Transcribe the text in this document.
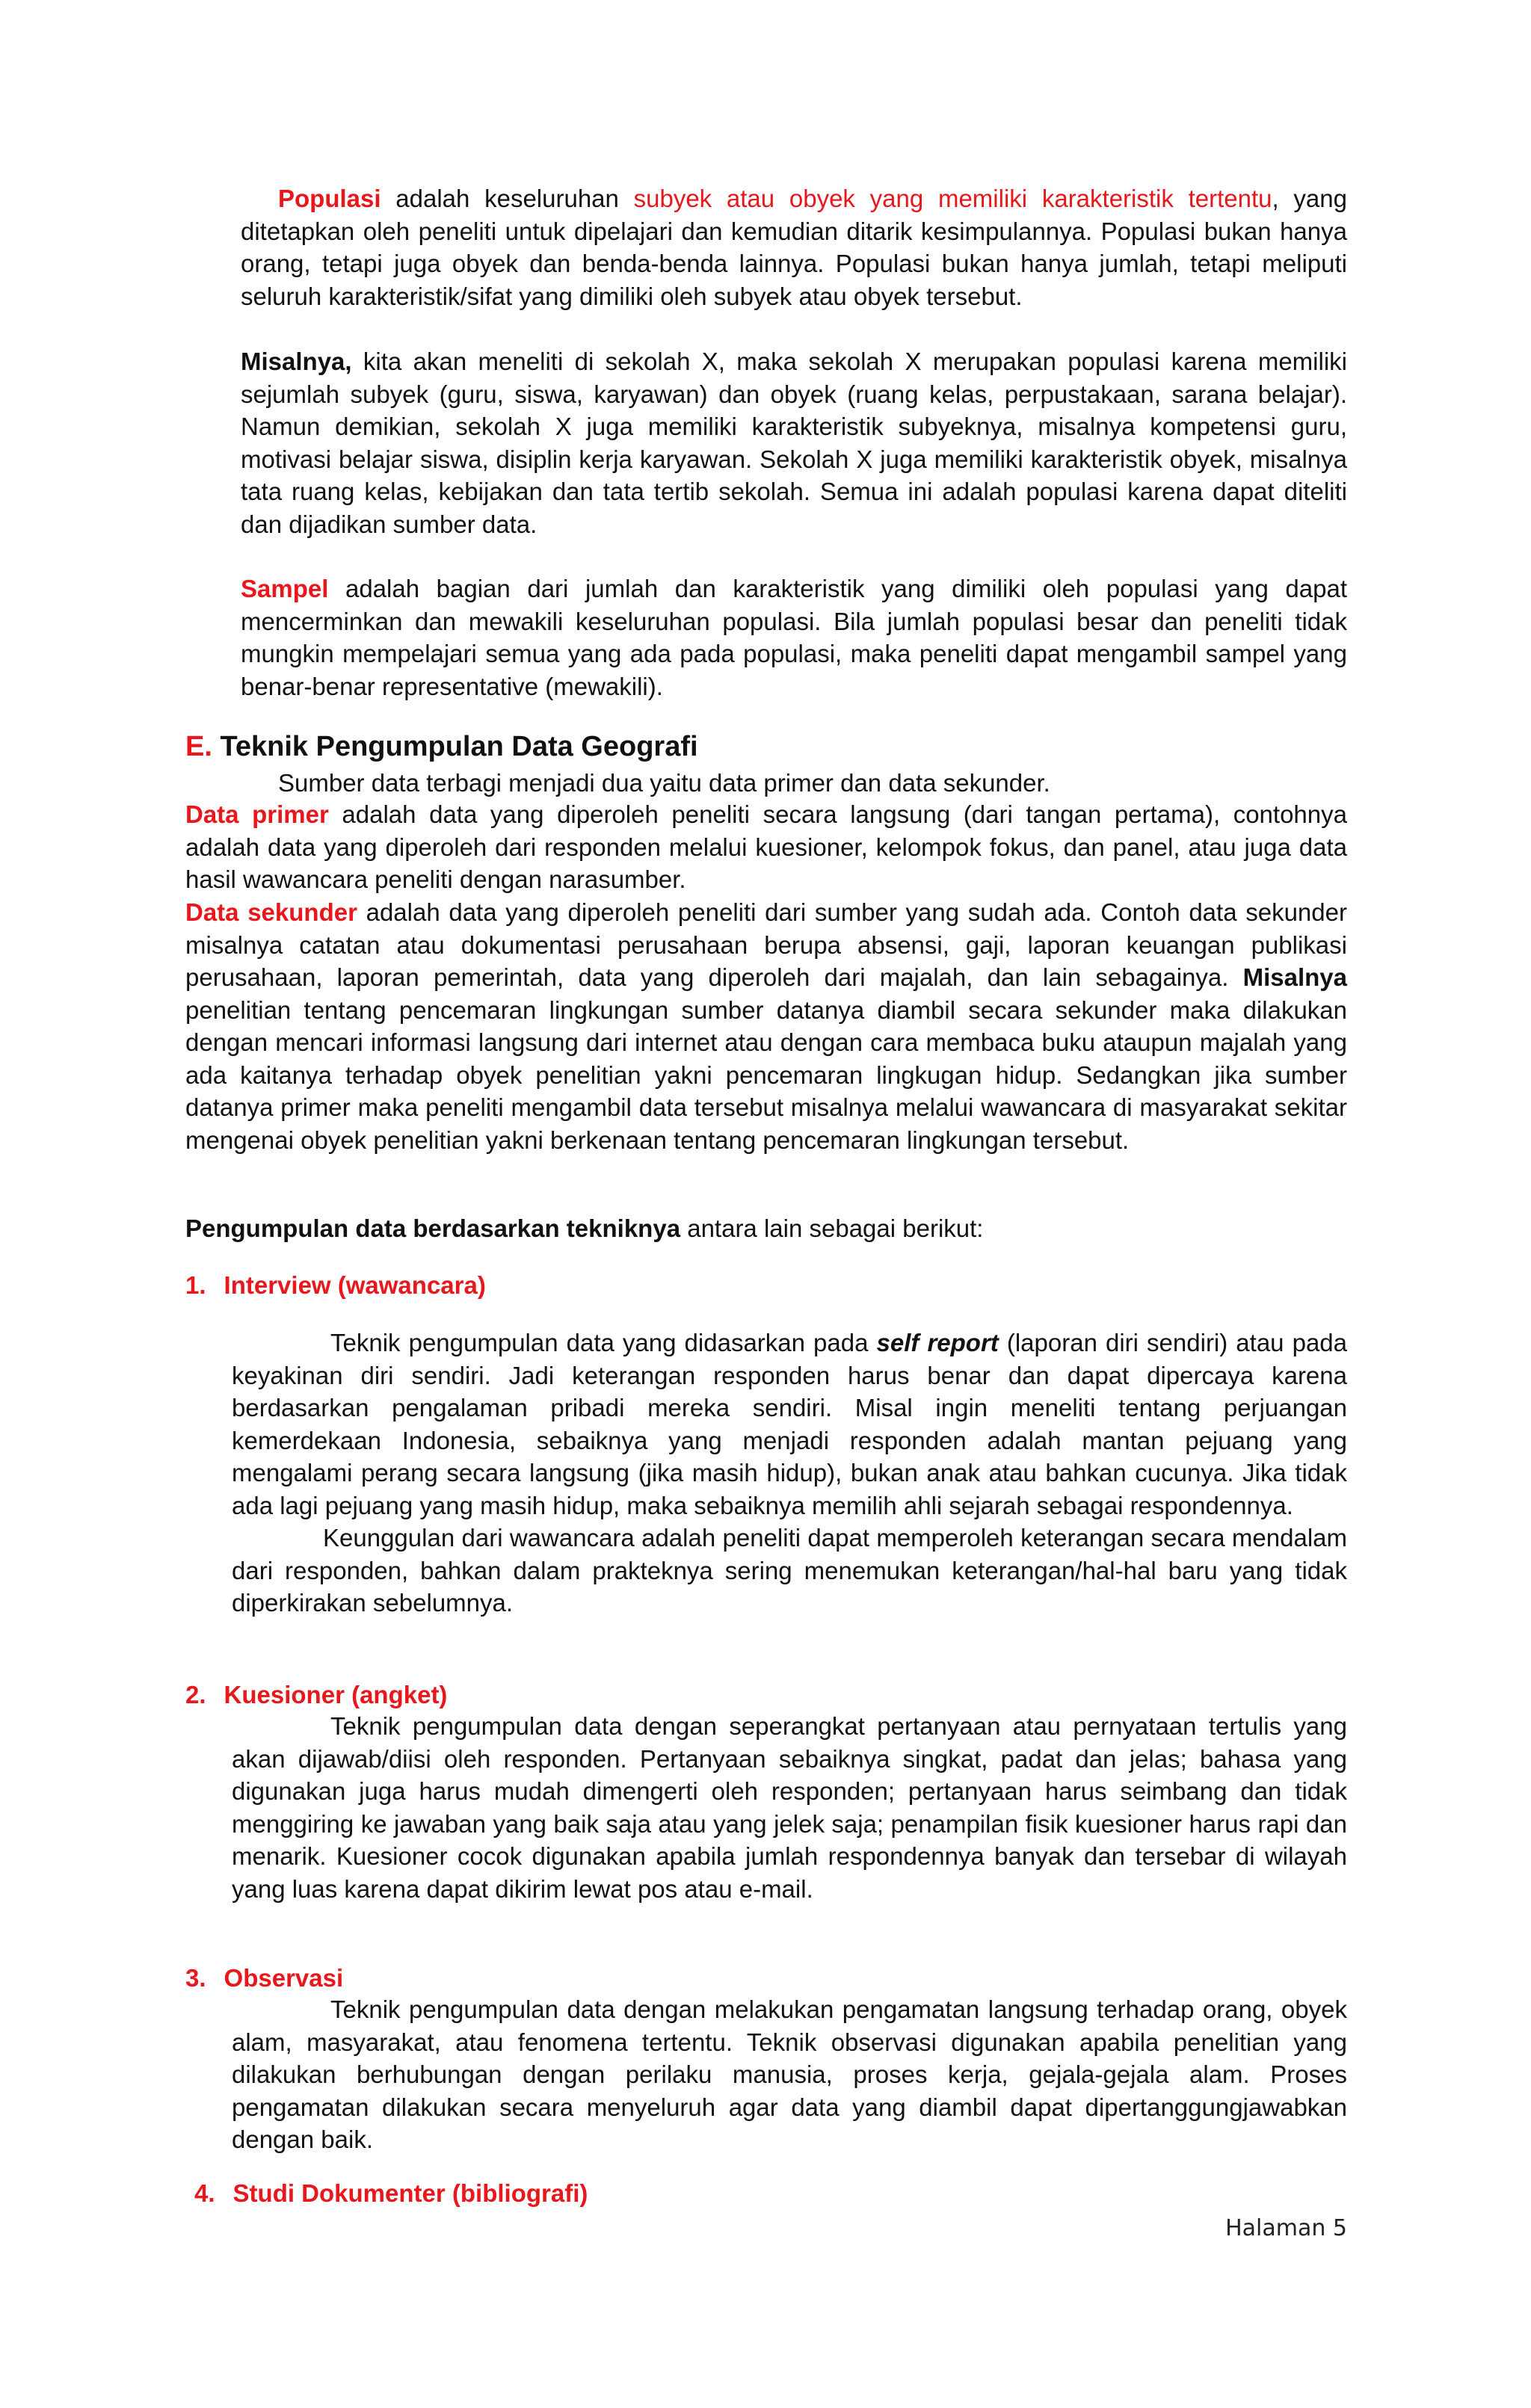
Populasi adalah keseluruhan subyek atau obyek yang memiliki karakteristik tertentu, yang ditetapkan oleh peneliti untuk dipelajari dan kemudian ditarik kesimpulannya. Populasi bukan hanya orang, tetapi juga obyek dan benda-benda lainnya. Populasi bukan hanya jumlah, tetapi meliputi seluruh karakteristik/sifat yang dimiliki oleh subyek atau obyek tersebut.

Misalnya, kita akan meneliti di sekolah X, maka sekolah X merupakan populasi karena memiliki sejumlah subyek (guru, siswa, karyawan) dan obyek (ruang kelas, perpustakaan, sarana belajar). Namun demikian, sekolah X juga memiliki karakteristik subyeknya, misalnya kompetensi guru, motivasi belajar siswa, disiplin kerja karyawan. Sekolah X juga memiliki karakteristik obyek, misalnya tata ruang kelas, kebijakan dan tata tertib sekolah. Semua ini adalah populasi karena dapat diteliti dan dijadikan sumber data.

Sampel adalah bagian dari jumlah dan karakteristik yang dimiliki oleh populasi yang dapat mencerminkan dan mewakili keseluruhan populasi. Bila jumlah populasi besar dan peneliti tidak mungkin mempelajari semua yang ada pada populasi, maka peneliti dapat mengambil sampel yang benar-benar representative (mewakili).

E. Teknik Pengumpulan Data Geografi

Sumber data terbagi menjadi dua yaitu data primer dan data sekunder.

Data primer adalah data yang diperoleh peneliti secara langsung (dari tangan pertama), contohnya adalah data yang diperoleh dari responden melalui kuesioner, kelompok fokus, dan panel, atau juga data hasil wawancara peneliti dengan narasumber.

Data sekunder adalah data yang diperoleh peneliti dari sumber yang sudah ada. Contoh data sekunder misalnya catatan atau dokumentasi perusahaan berupa absensi, gaji, laporan keuangan publikasi perusahaan, laporan pemerintah, data yang diperoleh dari majalah, dan lain sebagainya. Misalnya penelitian tentang pencemaran lingkungan sumber datanya diambil secara sekunder maka dilakukan dengan mencari informasi langsung dari internet atau dengan cara membaca buku ataupun majalah yang ada kaitanya terhadap obyek penelitian yakni pencemaran lingkugan hidup. Sedangkan jika sumber datanya primer maka peneliti mengambil data tersebut misalnya melalui wawancara di masyarakat sekitar mengenai obyek penelitian yakni berkenaan tentang pencemaran lingkungan tersebut.

Pengumpulan data berdasarkan tekniknya antara lain sebagai berikut:

1. Interview (wawancara)

Teknik pengumpulan data yang didasarkan pada self report (laporan diri sendiri) atau pada keyakinan diri sendiri. Jadi keterangan responden harus benar dan dapat dipercaya karena berdasarkan pengalaman pribadi mereka sendiri. Misal ingin meneliti tentang perjuangan kemerdekaan Indonesia, sebaiknya yang menjadi responden adalah mantan pejuang yang mengalami perang secara langsung (jika masih hidup), bukan anak atau bahkan cucunya. Jika tidak ada lagi pejuang yang masih hidup, maka sebaiknya memilih ahli sejarah sebagai respondennya.

Keunggulan dari wawancara adalah peneliti dapat memperoleh keterangan secara mendalam dari responden, bahkan dalam prakteknya sering menemukan keterangan/hal-hal baru yang tidak diperkirakan sebelumnya.

2. Kuesioner (angket)

Teknik pengumpulan data dengan seperangkat pertanyaan atau pernyataan tertulis yang akan dijawab/diisi oleh responden. Pertanyaan sebaiknya singkat, padat dan jelas; bahasa yang digunakan juga harus mudah dimengerti oleh responden; pertanyaan harus seimbang dan tidak menggiring ke jawaban yang baik saja atau yang jelek saja; penampilan fisik kuesioner harus rapi dan menarik. Kuesioner cocok digunakan apabila jumlah respondennya banyak dan tersebar di wilayah yang luas karena dapat dikirim lewat pos atau e-mail.

3. Observasi

Teknik pengumpulan data dengan melakukan pengamatan langsung terhadap orang, obyek alam, masyarakat, atau fenomena tertentu. Teknik observasi digunakan apabila penelitian yang dilakukan berhubungan dengan perilaku manusia, proses kerja, gejala-gejala alam. Proses pengamatan dilakukan secara menyeluruh agar data yang diambil dapat dipertanggungjawabkan dengan baik.

4. Studi Dokumenter (bibliografi)
Halaman 5
